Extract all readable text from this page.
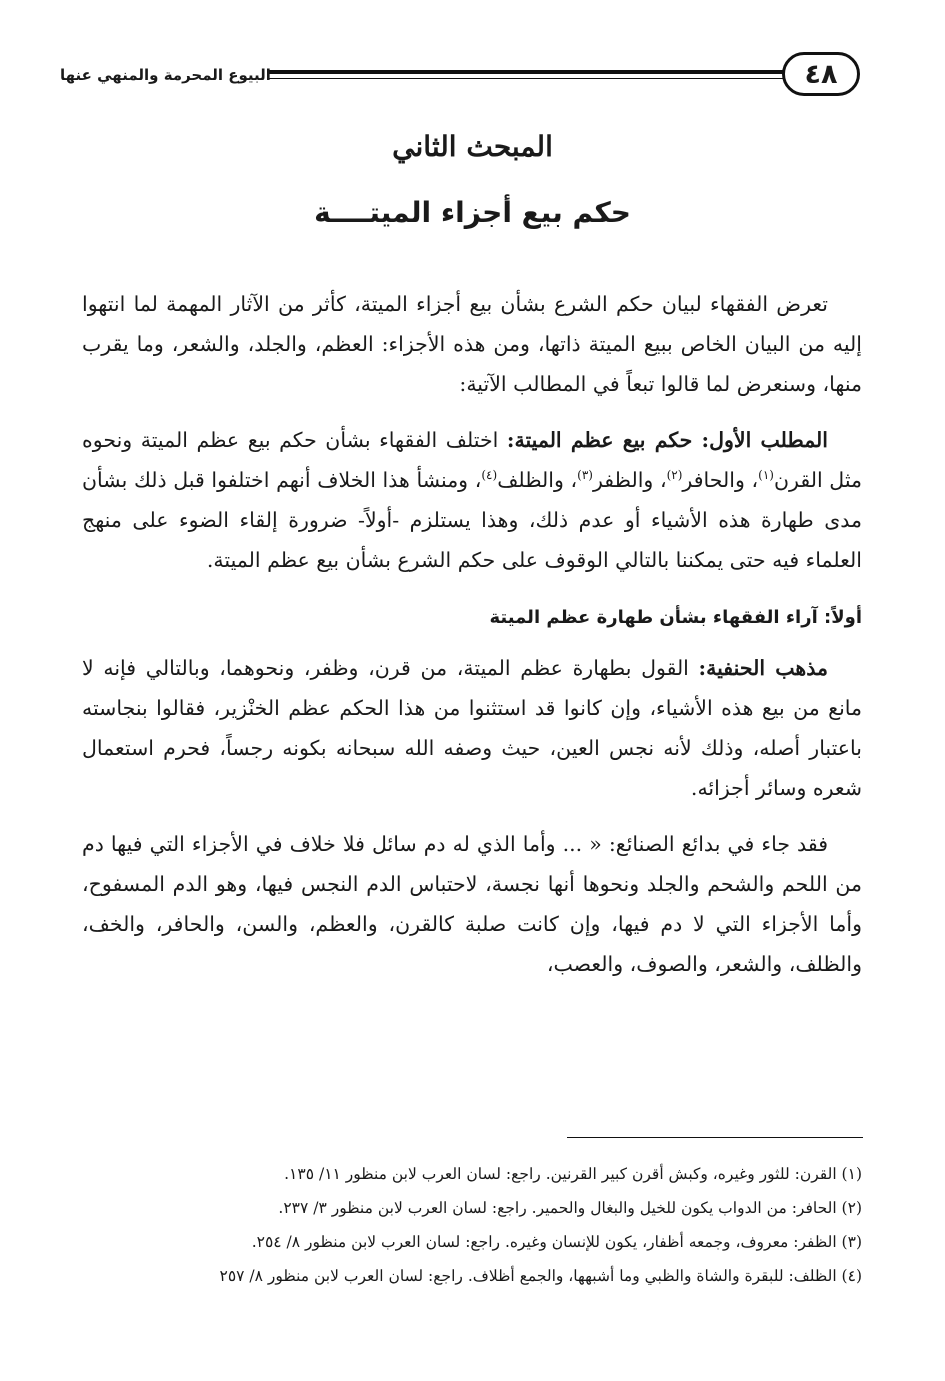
٤٨
البيوع المحرمة والمنهي عنها
المبحث الثاني
حكم بيع أجزاء الميتــــة

تعرض الفقهاء لبيان حكم الشرع بشأن بيع أجزاء الميتة، كأثر من الآثار المهمة لما انتهوا إليه من البيان الخاص ببيع الميتة ذاتها، ومن هذه الأجزاء: العظم، والجلد، والشعر، وما يقرب منها، وسنعرض لما قالوا تبعاً في المطالب الآتية:

المطلب الأول: حكم بيع عظم الميتة: اختلف الفقهاء بشأن حكم بيع عظم الميتة ونحوه مثل القرن$^{(١)}$، والحافر$^{(٢)}$، والظفر$^{(٣)}$، والظلف$^{(٤)}$، ومنشأ هذا الخلاف أنهم اختلفوا قبل ذلك بشأن مدى طهارة هذه الأشياء أو عدم ذلك، وهذا يستلزم -أولاً- ضرورة إلقاء الضوء على منهج العلماء فيه حتى يمكننا بالتالي الوقوف على حكم الشرع بشأن بيع عظم الميتة.

أولاً: آراء الفقهاء بشأن طهارة عظم الميتة

مذهب الحنفية: القول بطهارة عظم الميتة، من قرن، وظفر، ونحوهما، وبالتالي فإنه لا مانع من بيع هذه الأشياء، وإن كانوا قد استثنوا من هذا الحكم عظم الخنْزير، فقالوا بنجاسته باعتبار أصله، وذلك لأنه نجس العين، حيث وصفه الله سبحانه بكونه رجساً، فحرم استعمال شعره وسائر أجزائه.

فقد جاء في بدائع الصنائع: « ... وأما الذي له دم سائل فلا خلاف في الأجزاء التي فيها دم من اللحم والشحم والجلد ونحوها أنها نجسة، لاحتباس الدم النجس فيها، وهو الدم المسفوح، وأما الأجزاء التي لا دم فيها، وإن كانت صلبة كالقرن، والعظم، والسن، والحافر، والخف، والظلف، والشعر، والصوف، والعصب،

(١) القرن: للثور وغيره، وكبش أقرن كبير القرنين. راجع: لسان العرب لابن منظور ١١/ ١٣٥.

(٢) الحافر: من الدواب يكون للخيل والبغال والحمير. راجع: لسان العرب لابن منظور ٣/ ٢٣٧.

(٣) الظفر: معروف، وجمعه أظفار، يكون للإنسان وغيره. راجع: لسان العرب لابن منظور ٨/ ٢٥٤.

(٤) الظلف: للبقرة والشاة والظبي وما أشبهها، والجمع أظلاف. راجع: لسان العرب لابن منظور ٨/ ٢٥٧
